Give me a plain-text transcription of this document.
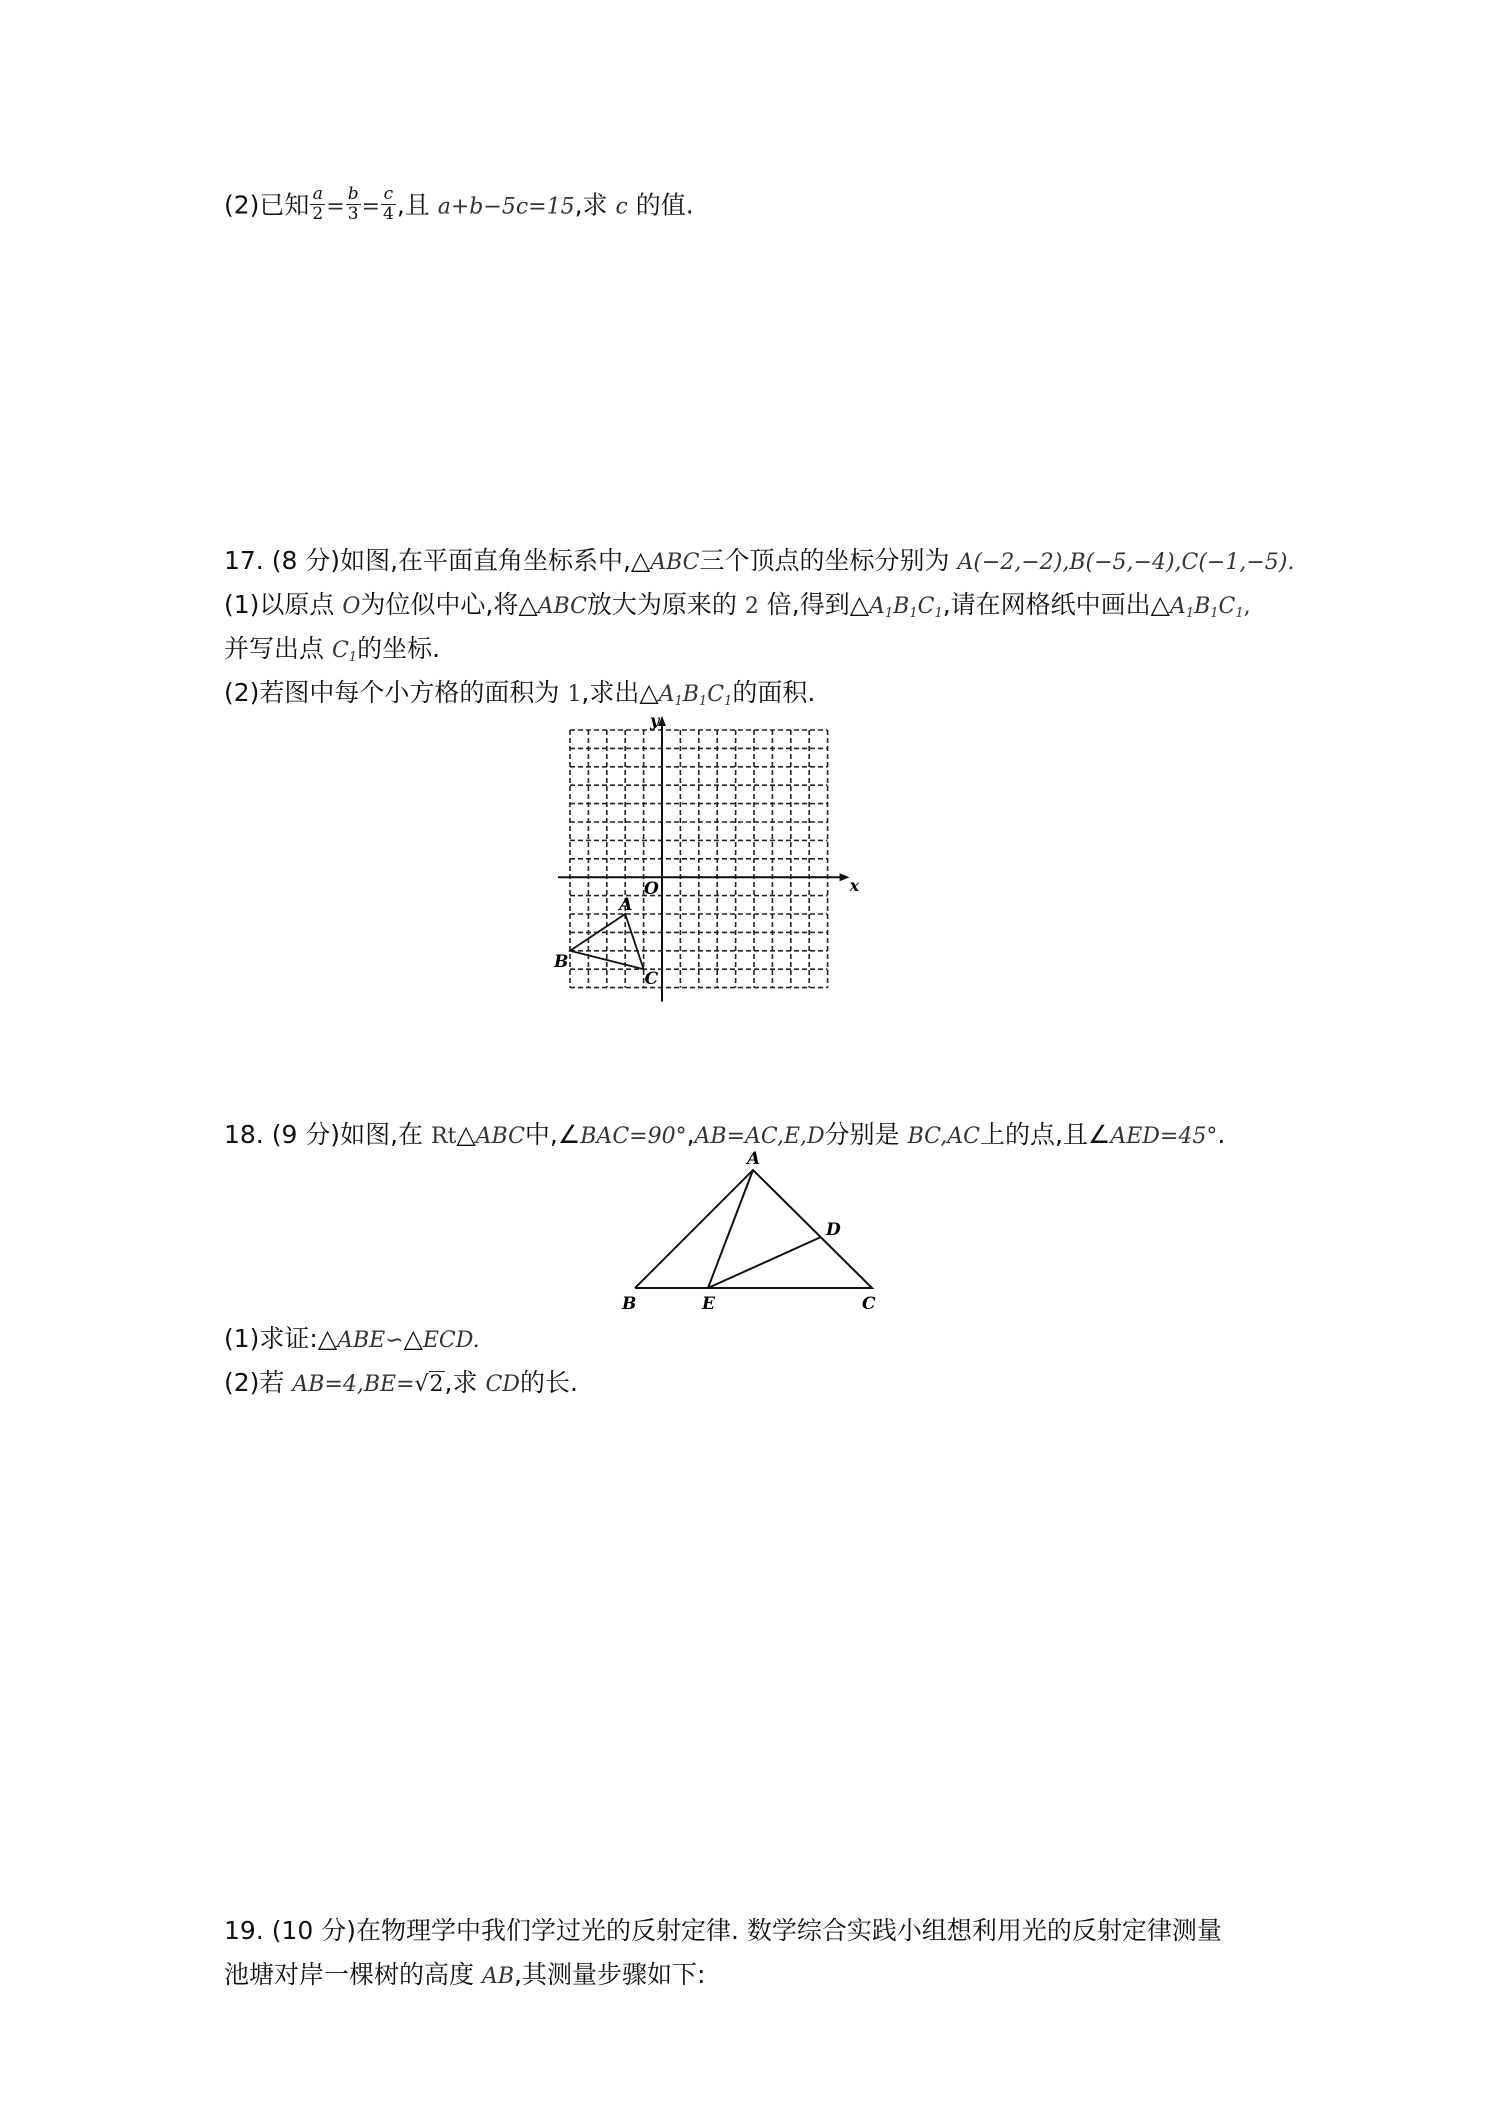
(2)已知 $\frac{a}{2} = \frac{b}{3} = \frac{c}{4}$ ,且 a+b−5c=15,求 c 的值.
17. (8 分)如图,在平面直角坐标系中,△ABC三个顶点的坐标分别为 A(−2,−2),B(−5,−4),C(−1,−5).
(1)以原点 O为位似中心,将△ABC放大为原来的 2 倍,得到$\triangle A_1B_1C_1$,请在网格纸中画出$\triangle A_1B_1C_1$,
并写出点 $C_1$的坐标.
(2)若图中每个小方格的面积为 1,求出$\triangle A_1B_1C_1$的面积.
y
x
O
A
B
C
18. (9 分)如图,在 Rt△ABC中,∠BAC=90°,AB=AC,E,D分别是 BC,AC上的点,且∠AED=45°.
A
B	E	C
D
(1)求证:△ABE∽△ECD.
(2)若 AB=4,BE=√2,求 CD的长.
19. (10 分)在物理学中我们学过光的反射定律. 数学综合实践小组想利用光的反射定律测量
池塘对岸一棵树的高度 AB,其测量步骤如下:
